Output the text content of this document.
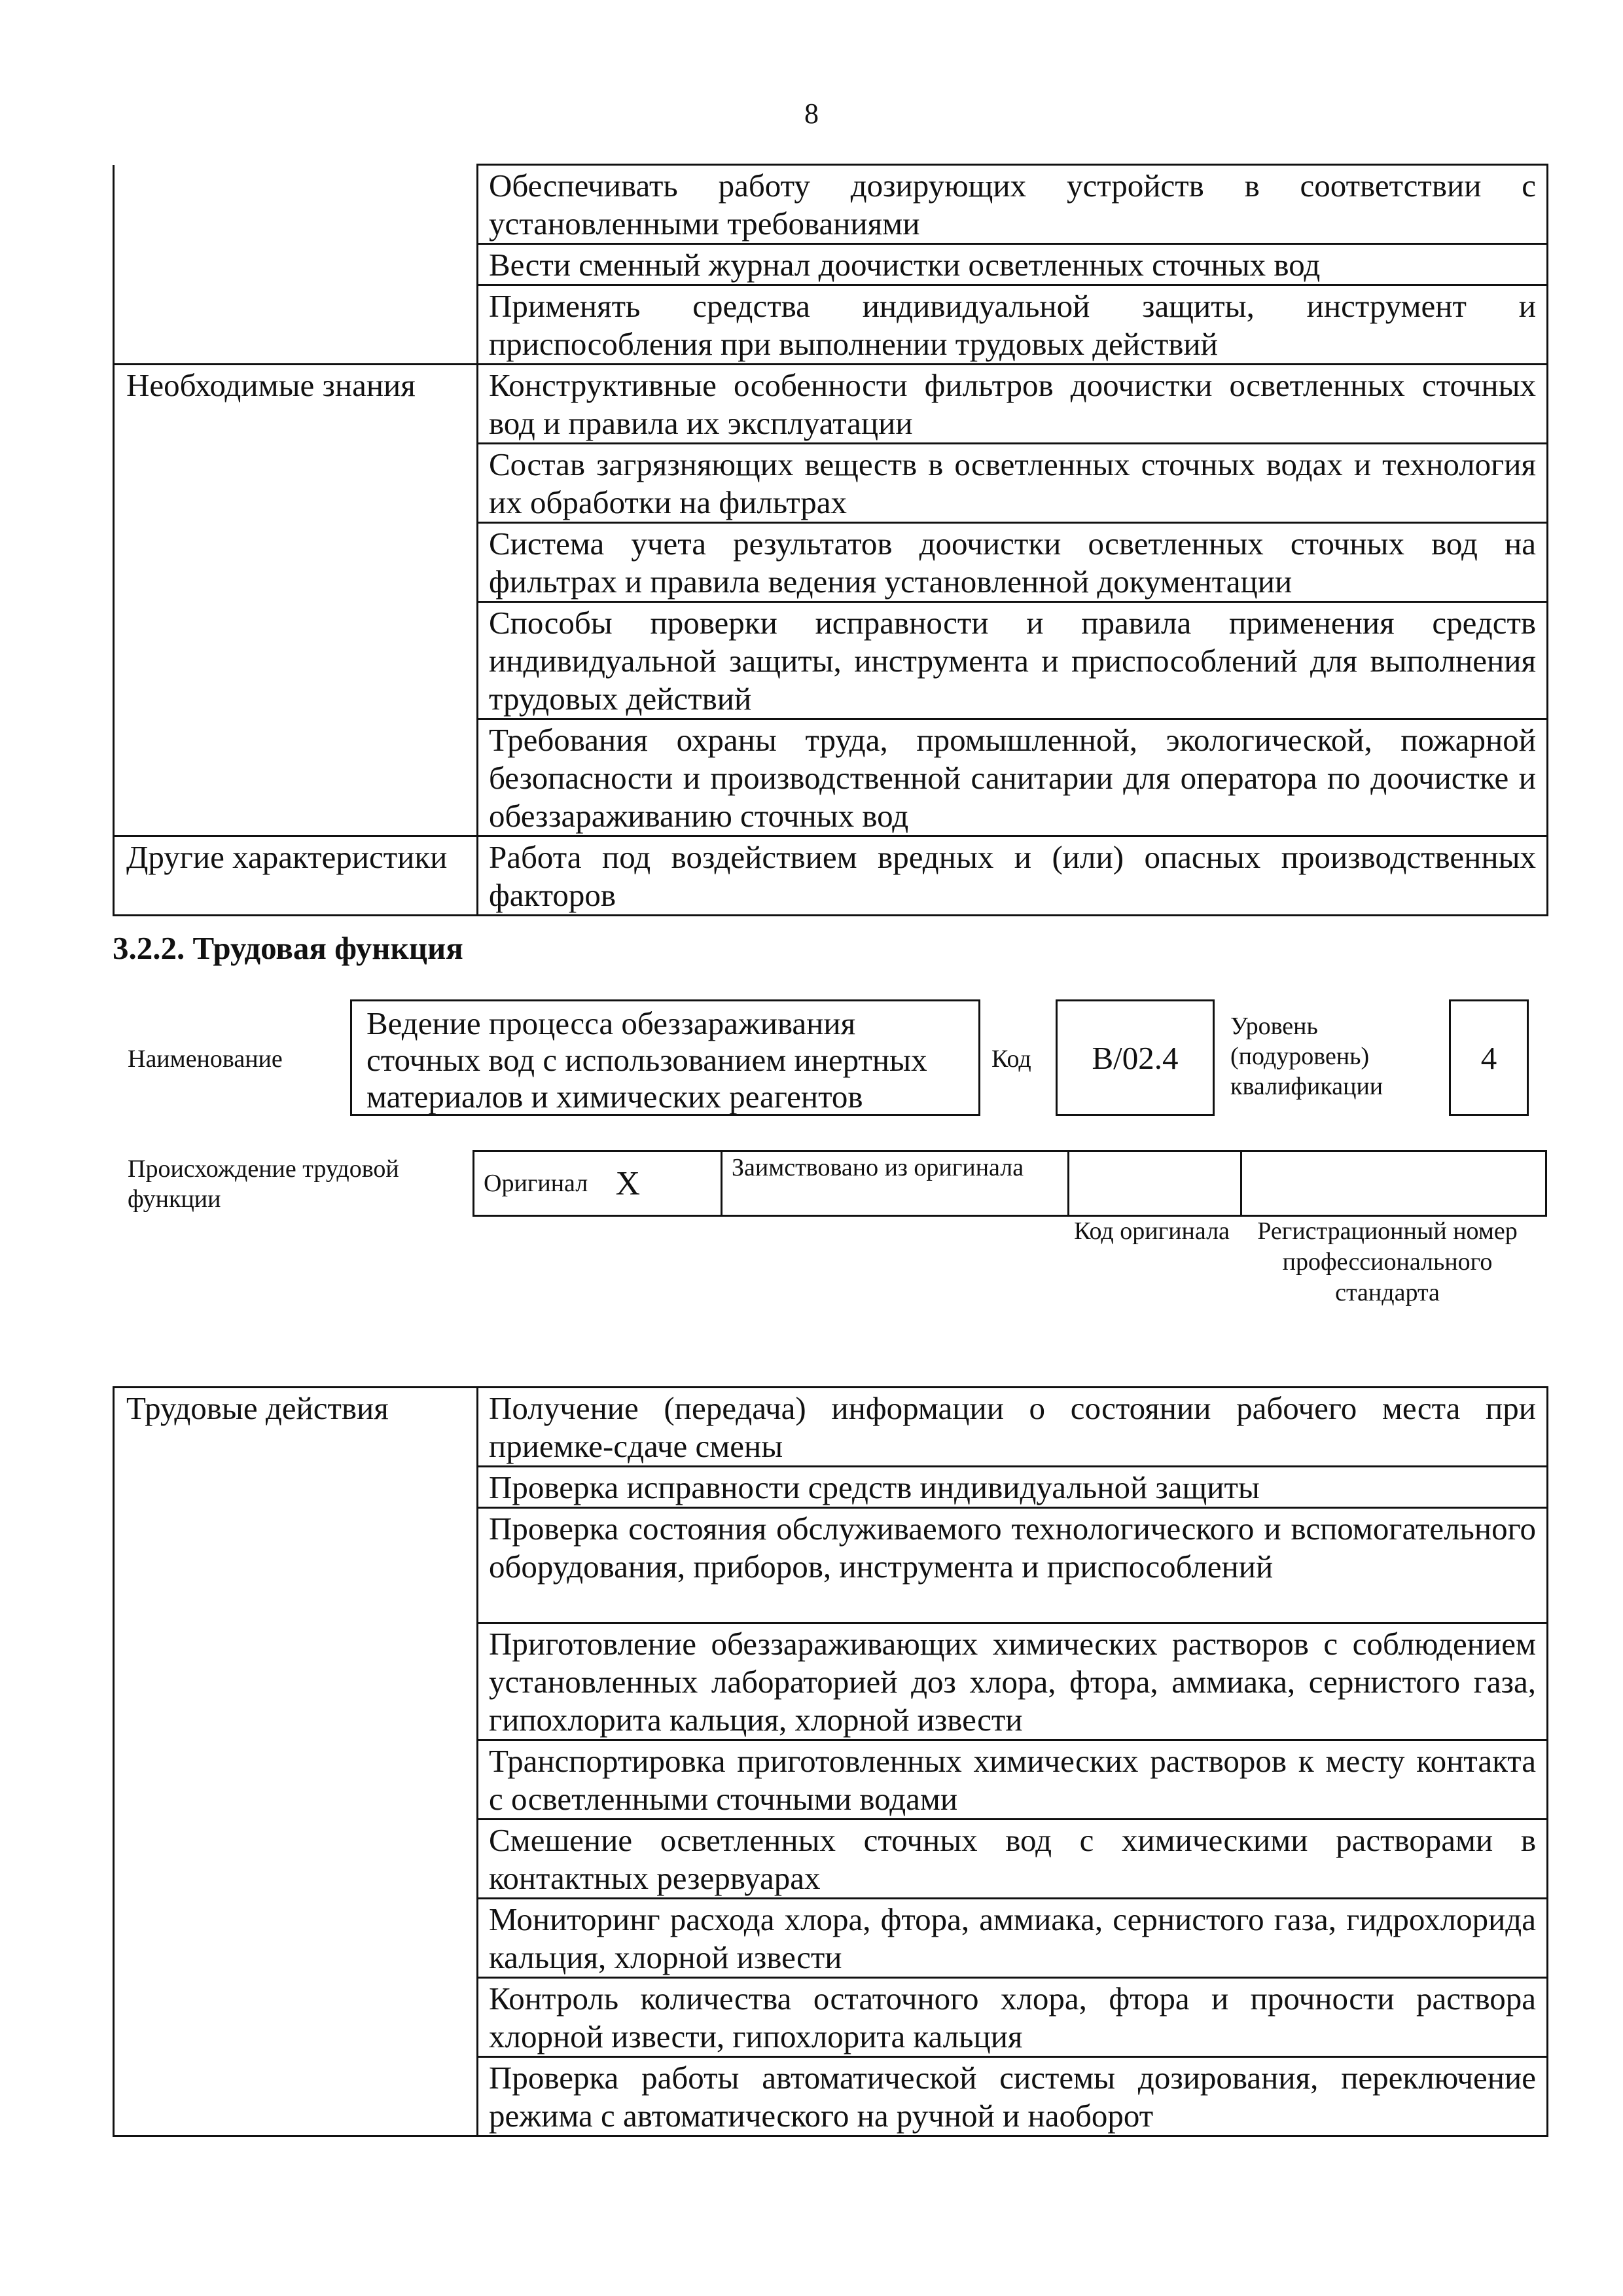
8
	Обеспечивать работу дозирующих устройств в соответствии с установленными требованиями
	Вести сменный журнал доочистки осветленных сточных вод
	Применять средства индивидуальной защиты, инструмент и приспособления при выполнении трудовых действий
Необходимые знания	Конструктивные особенности фильтров доочистки осветленных сточных вод и правила их эксплуатации
	Состав загрязняющих веществ в осветленных сточных водах и технология их обработки на фильтрах
	Система учета результатов доочистки осветленных сточных вод на фильтрах и правила ведения установленной документации
	Способы проверки исправности и правила применения средств индивидуальной защиты, инструмента и приспособлений для выполнения трудовых действий
	Требования охраны труда, промышленной, экологической, пожарной безопасности и производственной санитарии для оператора по доочистке и обеззараживанию сточных вод
Другие характеристики	Работа под воздействием вредных и (или) опасных производственных факторов
3.2.2. Трудовая функция
Наименование
Ведение процесса обеззараживания сточных вод с использованием инертных материалов и химических реагентов
Код	В/02.4
Уровень (подуровень) квалификации
4
Происхождение трудовой функции
Оригинал	X	Заимствовано из оригинала		
Код оригинала Регистрационный номер профессионального стандарта
Трудовые действия	Получение (передача) информации о состоянии рабочего места при приемке-сдаче смены
Проверка исправности средств индивидуальной защиты
Проверка состояния обслуживаемого технологического и вспомогательного оборудования, приборов, инструмента и приспособлений
Приготовление обеззараживающих химических растворов с соблюдением установленных лабораторией доз хлора, фтора, аммиака, сернистого газа, гипохлорита кальция, хлорной извести
Транспортировка приготовленных химических растворов к месту контакта с осветленными сточными водами
Смешение осветленных сточных вод с химическими растворами в контактных резервуарах
Мониторинг расхода хлора, фтора, аммиака, сернистого газа, гидрохлорида кальция, хлорной извести
Контроль количества остаточного хлора, фтора и прочности раствора хлорной извести, гипохлорита кальция
Проверка работы автоматической системы дозирования, переключение режима с автоматического на ручной и наоборот
